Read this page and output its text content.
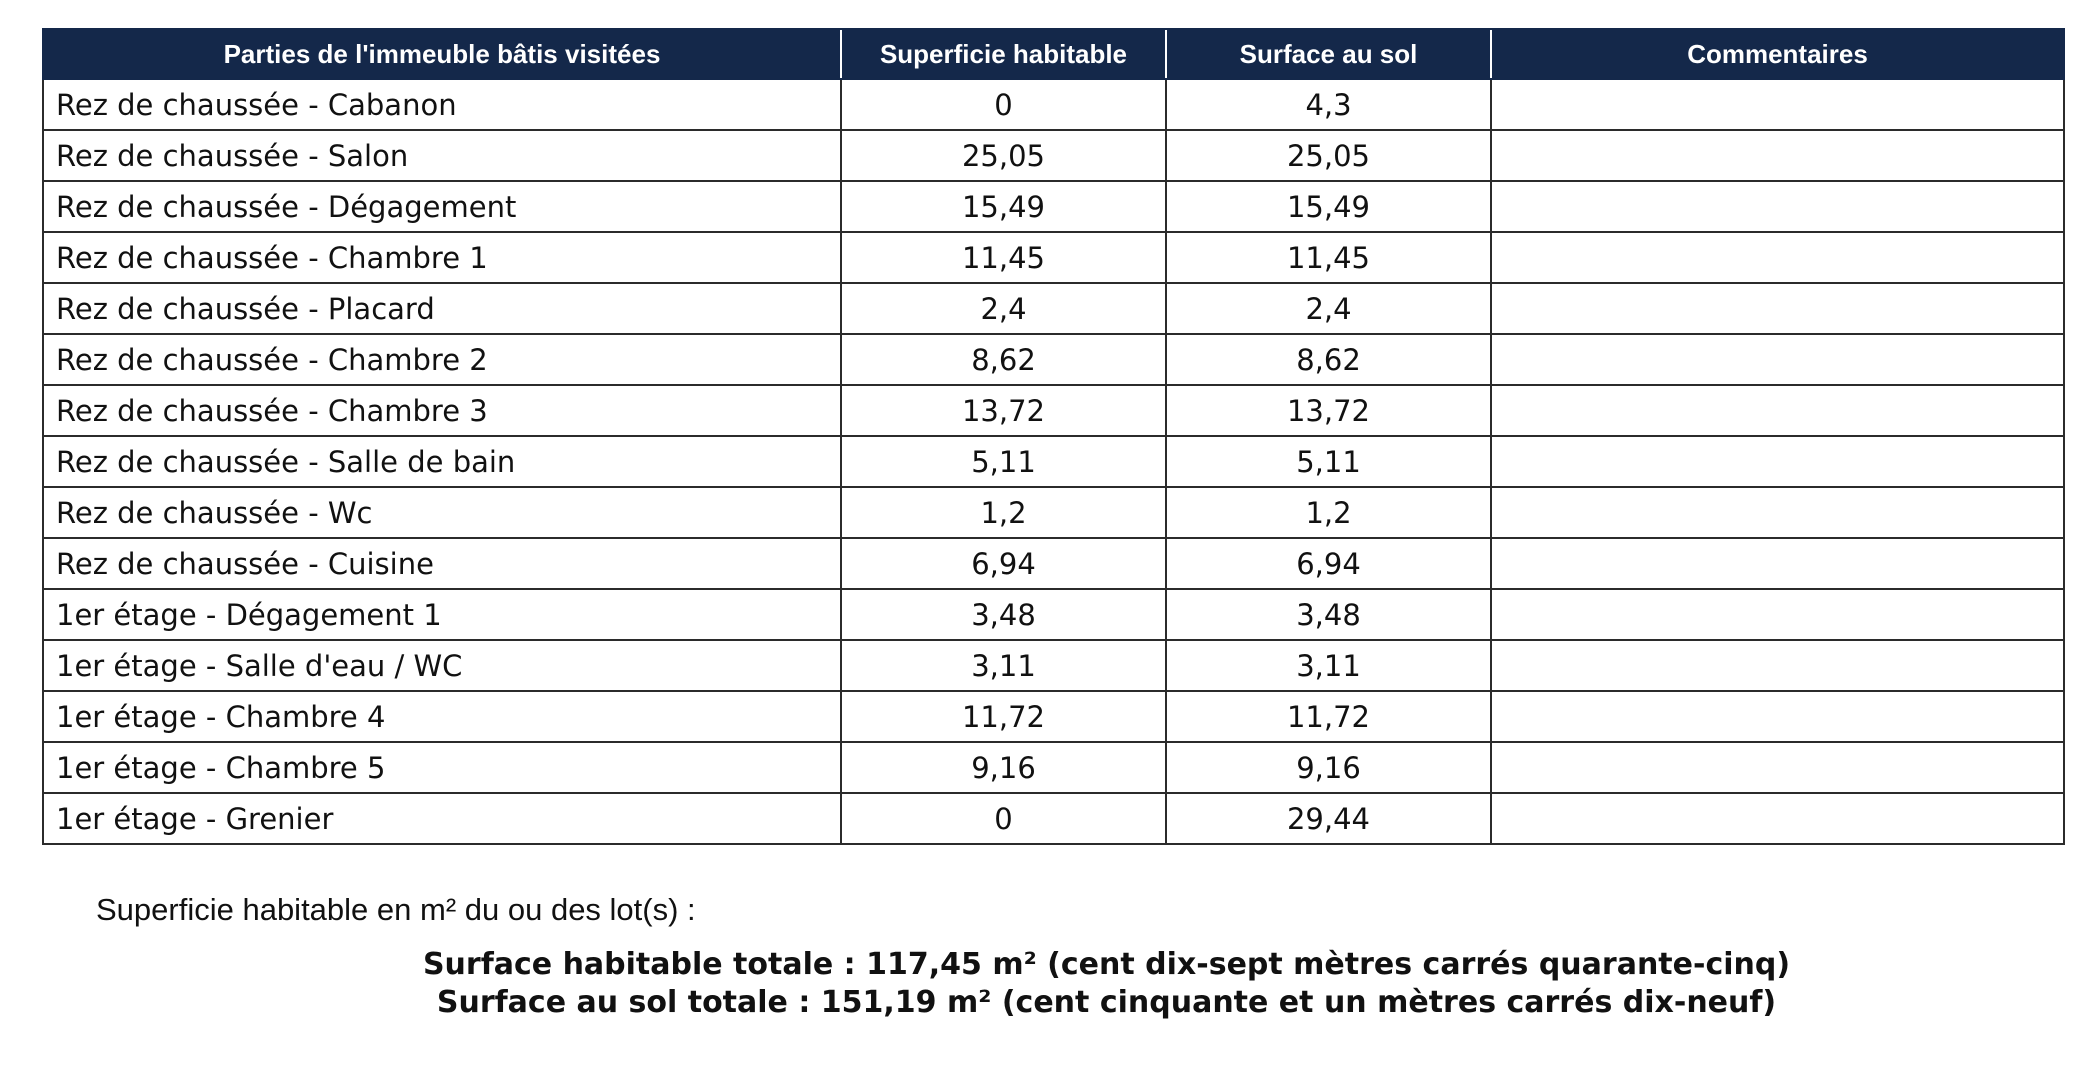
Parties de l'immeuble bâtis visitées	Superficie habitable	Surface au sol	Commentaires
Rez de chaussée - Cabanon	0	4,3	
Rez de chaussée - Salon	25,05	25,05	
Rez de chaussée - Dégagement	15,49	15,49	
Rez de chaussée - Chambre 1	11,45	11,45	
Rez de chaussée - Placard	2,4	2,4	
Rez de chaussée - Chambre 2	8,62	8,62	
Rez de chaussée - Chambre 3	13,72	13,72	
Rez de chaussée - Salle de bain	5,11	5,11	
Rez de chaussée - Wc	1,2	1,2	
Rez de chaussée - Cuisine	6,94	6,94	
1er étage - Dégagement 1	3,48	3,48	
1er étage - Salle d'eau / WC	3,11	3,11	
1er étage - Chambre 4	11,72	11,72	
1er étage - Chambre 5	9,16	9,16	
1er étage - Grenier	0	29,44	
Superficie habitable en m² du ou des lot(s) :
Surface habitable totale : 117,45 m² (cent dix-sept mètres carrés quarante-cinq)
Surface au sol totale : 151,19 m² (cent cinquante et un mètres carrés dix-neuf)
